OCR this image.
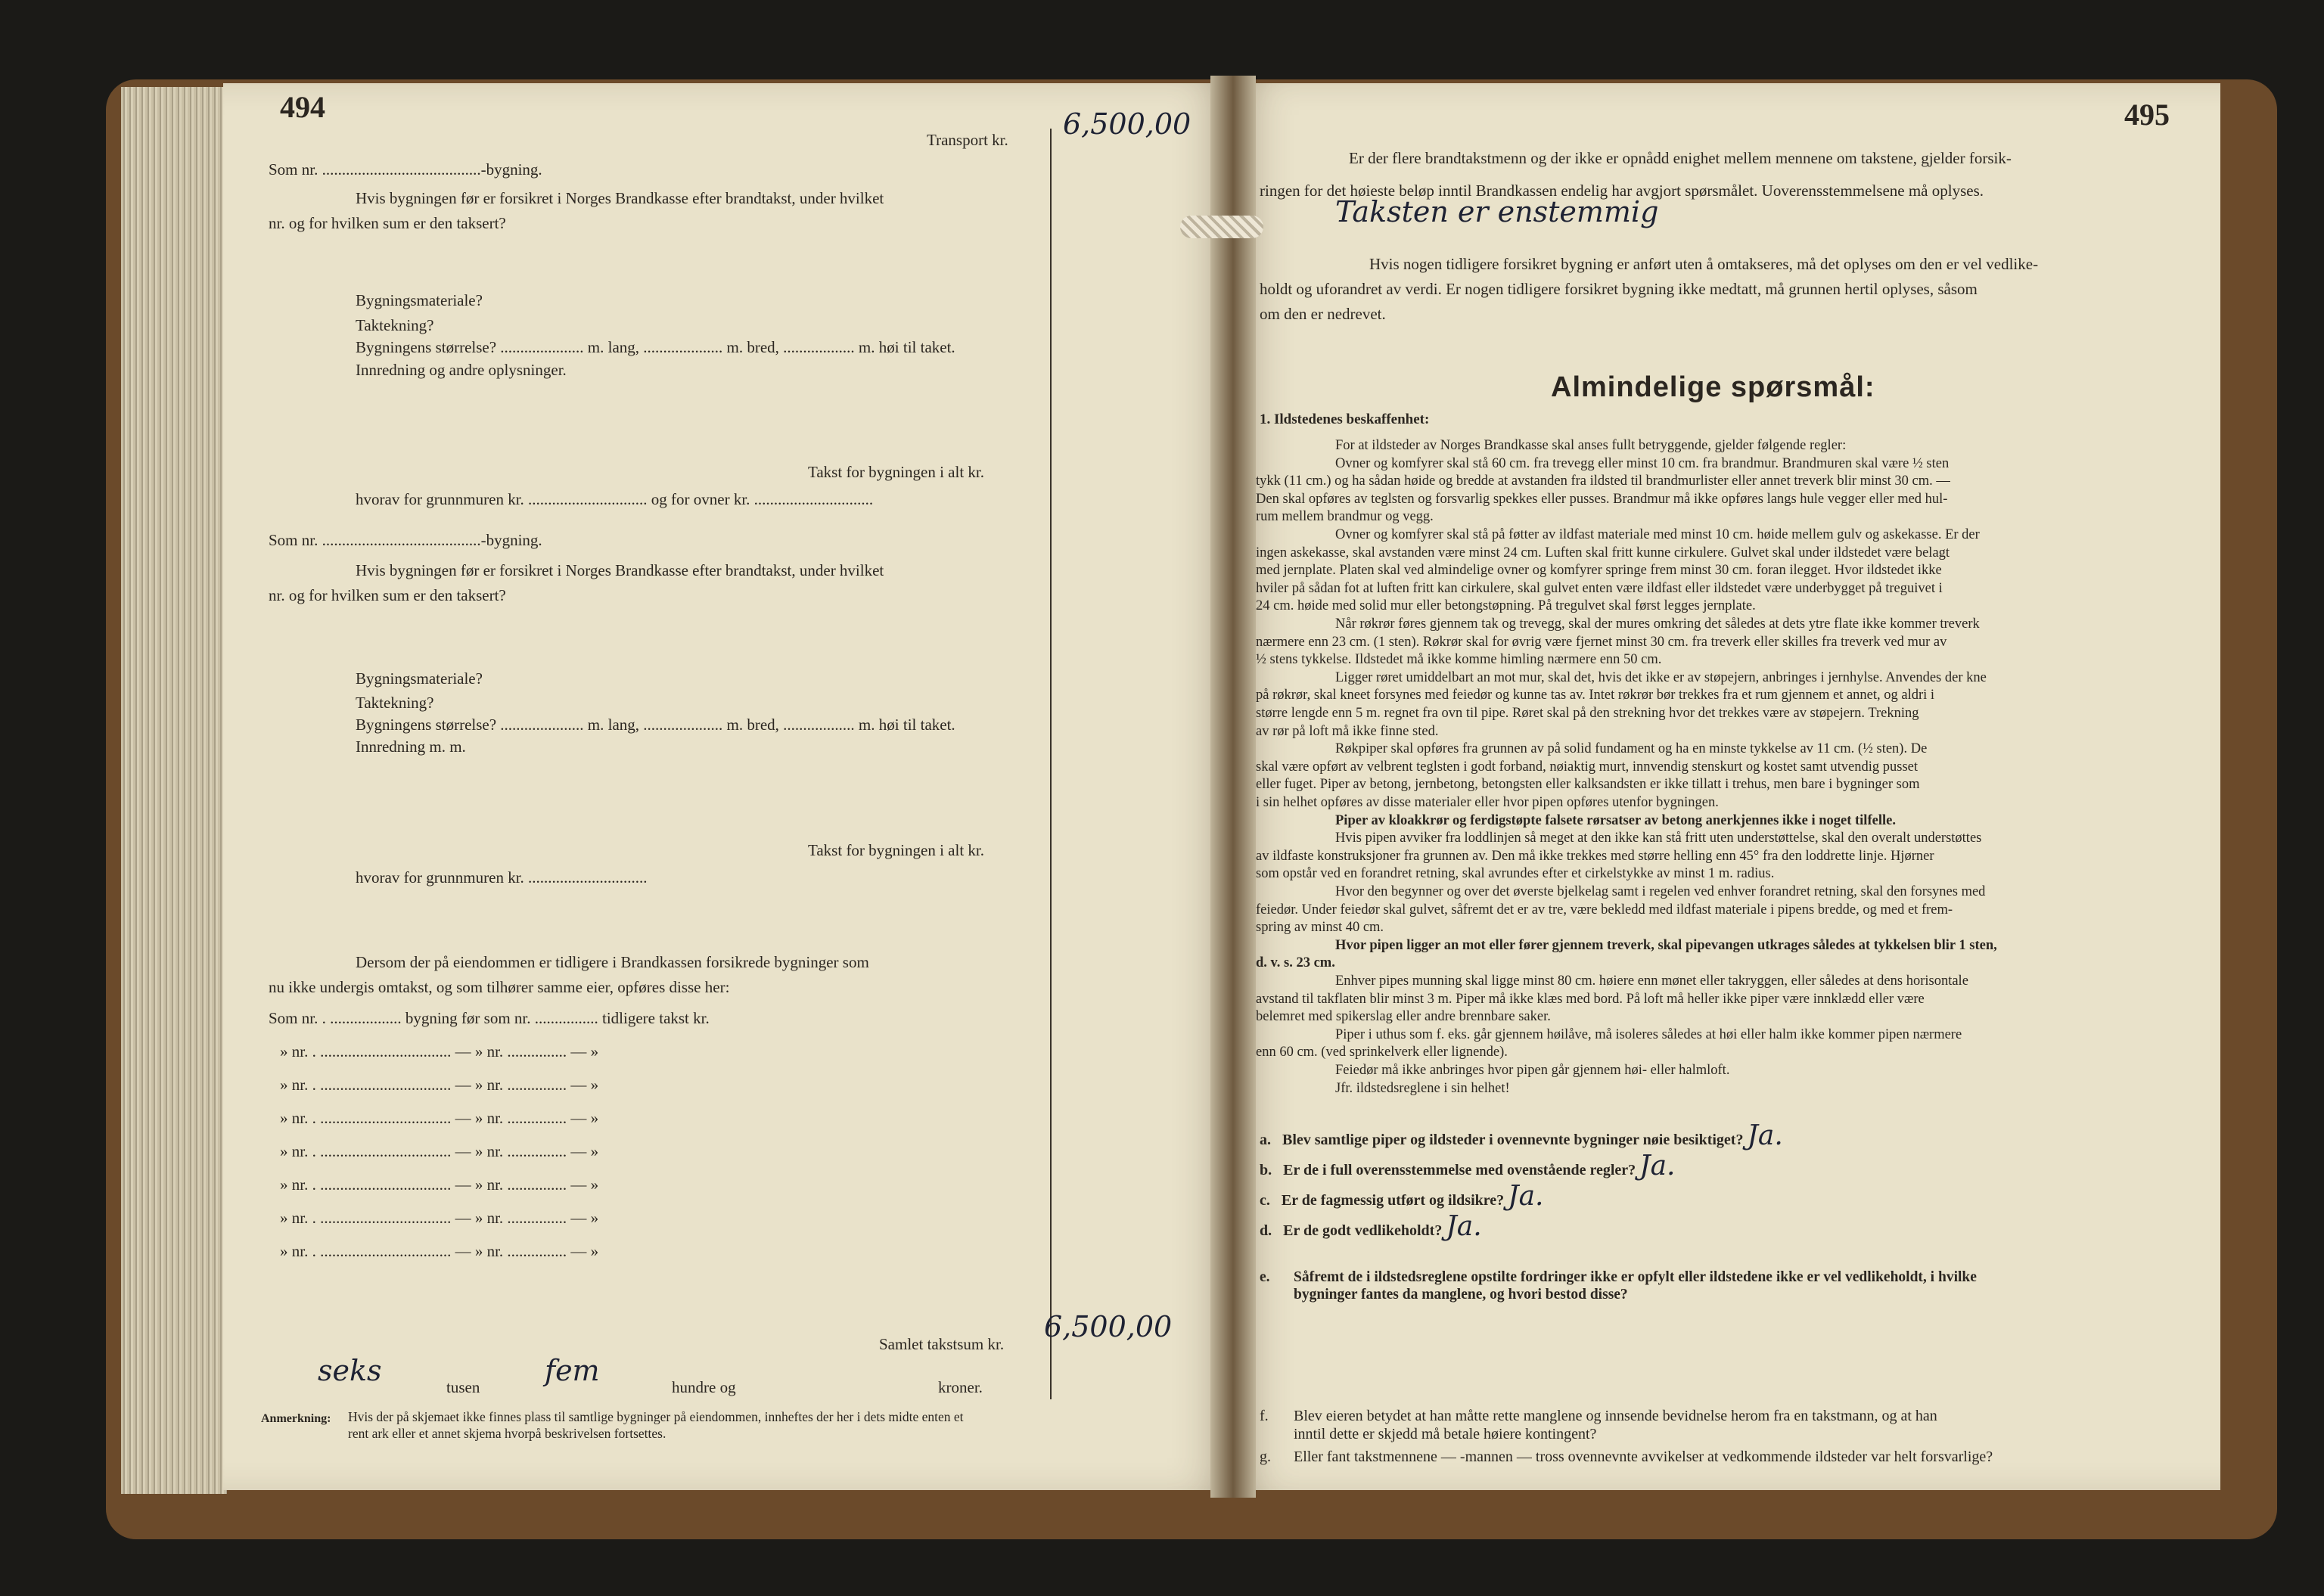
494
Transport kr. 6,500,00
Som nr. ........................................-bygning.
Hvis bygningen før er forsikret i Norges Brandkasse efter brandtakst, under hvilket
nr. og for hvilken sum er den taksert?
Bygningsmateriale?
Taktekning?
Bygningens størrelse? ..................... m. lang, .................... m. bred, .................. m. høi til taket.
Innredning og andre oplysninger.
Takst for bygningen i alt kr.
hvorav for grunnmuren kr. .............................. og for ovner kr. ..............................
Som nr. ........................................-bygning.
Hvis bygningen før er forsikret i Norges Brandkasse efter brandtakst, under hvilket
nr. og for hvilken sum er den taksert?
Bygningsmateriale?
Taktekning?
Bygningens størrelse? ..................... m. lang, .................... m. bred, .................. m. høi til taket.
Innredning m. m.
Takst for bygningen i alt kr.
hvorav for grunnmuren kr. ..............................
Dersom der på eiendommen er tidligere i Brandkassen forsikrede bygninger som
nu ikke undergis omtakst, og som tilhører samme eier, opføres disse her:
Som nr. . .................. bygning før som nr. ................ tidligere takst kr.
» nr. . ................................. — » nr. ............... — »
» nr. . ................................. — » nr. ............... — »
» nr. . ................................. — » nr. ............... — »
» nr. . ................................. — » nr. ............... — »
» nr. . ................................. — » nr. ............... — »
» nr. . ................................. — » nr. ............... — »
» nr. . ................................. — » nr. ............... — »
Samlet takstsum kr.
6,500,00
seks	tusen fem	hundre og	kroner.
Anmerkning: Hvis der på skjemaet ikke finnes plass til samtlige bygninger på eiendommen, innheftes der her i dets midte enten et
rent ark eller et annet skjema hvorpå beskrivelsen fortsettes.
495
Er der flere brandtakstmenn og der ikke er opnådd enighet mellem mennene om takstene, gjelder forsik-
ringen for det høieste beløp inntil Brandkassen endelig har avgjort spørsmålet. Uoverensstemmelsene må oplyses.
Taksten er enstemmig
Hvis nogen tidligere forsikret bygning er anført uten å omtakseres, må det oplyses om den er vel vedlike-
holdt og uforandret av verdi. Er nogen tidligere forsikret bygning ikke medtatt, må grunnen hertil oplyses, såsom
om den er nedrevet.
Almindelige spørsmål:
1. Ildstedenes beskaffenhet:
For at ildsteder av Norges Brandkasse skal anses fullt betryggende, gjelder følgende regler:
Ovner og komfyrer skal stå 60 cm. fra trevegg eller minst 10 cm. fra brandmur. Brandmuren skal være ½ sten
tykk (11 cm.) og ha sådan høide og bredde at avstanden fra ildsted til brandmurlister eller annet treverk blir minst 30 cm. —
Den skal opføres av teglsten og forsvarlig spekkes eller pusses. Brandmur må ikke opføres langs hule vegger eller med hul-
rum mellem brandmur og vegg.
Ovner og komfyrer skal stå på føtter av ildfast materiale med minst 10 cm. høide mellem gulv og askekasse. Er der
ingen askekasse, skal avstanden være minst 24 cm. Luften skal fritt kunne cirkulere. Gulvet skal under ildstedet være belagt
med jernplate. Platen skal ved almindelige ovner og komfyrer springe frem minst 30 cm. foran ilegget. Hvor ildstedet ikke
hviler på sådan fot at luften fritt kan cirkulere, skal gulvet enten være ildfast eller ildstedet være underbygget på treguivet i
24 cm. høide med solid mur eller betongstøpning. På tregulvet skal først legges jernplate.
Når røkrør føres gjennem tak og trevegg, skal der mures omkring det således at dets ytre flate ikke kommer treverk
nærmere enn 23 cm. (1 sten). Røkrør skal for øvrig være fjernet minst 30 cm. fra treverk eller skilles fra treverk ved mur av
½ stens tykkelse. Ildstedet må ikke komme himling nærmere enn 50 cm.
Ligger røret umiddelbart an mot mur, skal det, hvis det ikke er av støpejern, anbringes i jernhylse. Anvendes der kne
på røkrør, skal kneet forsynes med feiedør og kunne tas av. Intet røkrør bør trekkes fra et rum gjennem et annet, og aldri i
større lengde enn 5 m. regnet fra ovn til pipe. Røret skal på den strekning hvor det trekkes være av støpejern. Trekning
av rør på loft må ikke finne sted.
Røkpiper skal opføres fra grunnen av på solid fundament og ha en minste tykkelse av 11 cm. (½ sten). De
skal være opført av velbrent teglsten i godt forband, nøiaktig murt, innvendig stenskurt og kostet samt utvendig pusset
eller fuget. Piper av betong, jernbetong, betongsten eller kalksandsten er ikke tillatt i trehus, men bare i bygninger som
i sin helhet opføres av disse materialer eller hvor pipen opføres utenfor bygningen.
Piper av kloakkrør og ferdigstøpte falsete rørsatser av betong anerkjennes ikke i noget tilfelle.
Hvis pipen avviker fra loddlinjen så meget at den ikke kan stå fritt uten understøttelse, skal den overalt understøttes
av ildfaste konstruksjoner fra grunnen av. Den må ikke trekkes med større helling enn 45° fra den loddrette linje. Hjørner
som opstår ved en forandret retning, skal avrundes efter et cirkelstykke av minst 1 m. radius.
Hvor den begynner og over det øverste bjelkelag samt i regelen ved enhver forandret retning, skal den forsynes med
feiedør. Under feiedør skal gulvet, såfremt det er av tre, være bekledd med ildfast materiale i pipens bredde, og med et frem-
spring av minst 40 cm.
Hvor pipen ligger an mot eller fører gjennem treverk, skal pipevangen utkrages således at tykkelsen blir 1 sten,
d. v. s. 23 cm.
Enhver pipes munning skal ligge minst 80 cm. høiere enn mønet eller takryggen, eller således at dens horisontale
avstand til takflaten blir minst 3 m. Piper må ikke klæs med bord. På loft må heller ikke piper være innklædd eller være
belemret med spikerslag eller andre brennbare saker.
Piper i uthus som f. eks. går gjennem høilåve, må isoleres således at høi eller halm ikke kommer pipen nærmere
enn 60 cm. (ved sprinkelverk eller lignende).
Feiedør må ikke anbringes hvor pipen går gjennem høi- eller halmloft.
Jfr. ildstedsreglene i sin helhet!
a. Blev samtlige piper og ildsteder i ovennevnte bygninger nøie besiktiget? Ja.
b. Er de i full overensstemmelse med ovenstående regler? Ja.
c. Er de fagmessig utført og ildsikre? Ja.
d. Er de godt vedlikeholdt? Ja.
e. Såfremt de i ildstedsreglene opstilte fordringer ikke er opfylt eller ildstedene ikke er vel vedlikeholdt, i hvilke
bygninger fantes da manglene, og hvori bestod disse?
f. Blev eieren betydet at han måtte rette manglene og innsende bevidnelse herom fra en takstmann, og at han
inntil dette er skjedd må betale høiere kontingent?
g. Eller fant takstmennene — -mannen — tross ovennevnte avvikelser at vedkommende ildsteder var helt forsvarlige?
